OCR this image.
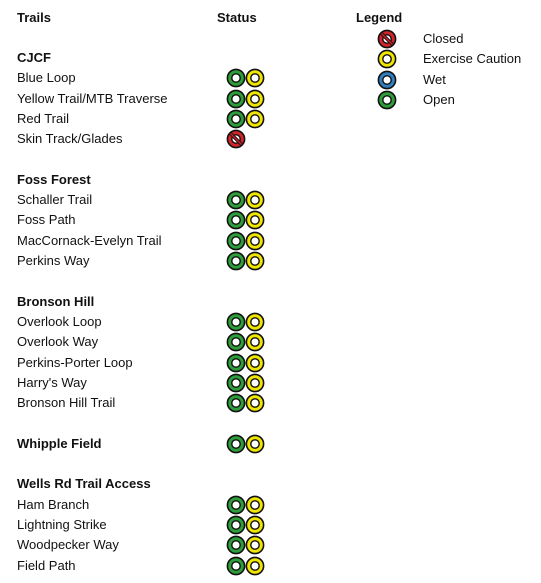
Trails	Status	Legend
Closed
Exercise Caution
Wet
Open
CJCF
Blue Loop
Yellow Trail/MTB Traverse
Red Trail
Skin Track/Glades
Foss Forest
Schaller Trail
Foss Path
MacCornack-Evelyn Trail
Perkins Way
Bronson Hill
Overlook Loop
Overlook Way
Perkins-Porter Loop
Harry's Way
Bronson Hill Trail
Whipple Field
Wells Rd Trail Access
Ham Branch
Lightning Strike
Woodpecker Way
Field Path
